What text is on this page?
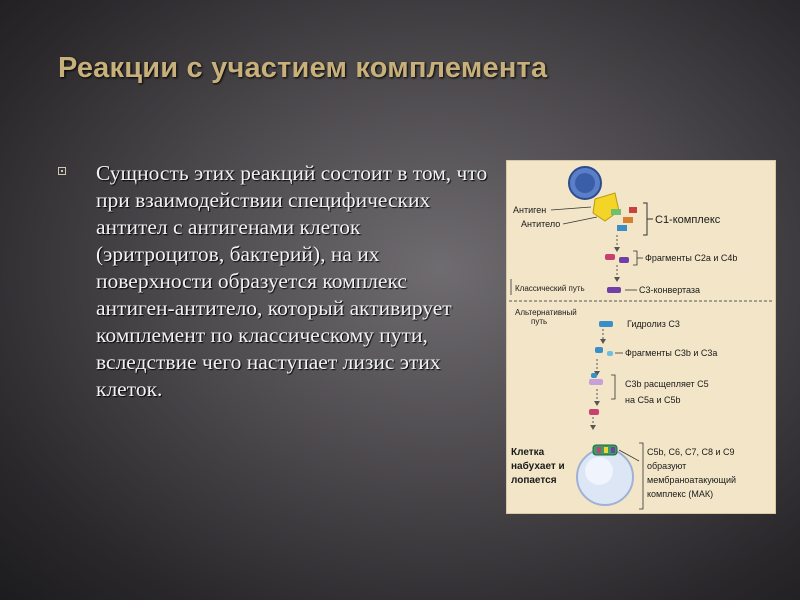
Реакции с участием комплемента
Сущность этих реакций состоит в том, что при взаимодействии специфических антител с антигенами клеток (эритроцитов, бактерий), на их поверхности образуется комплекс антиген-антитело, который активирует комплемент по классическому пути, вследствие чего наступает лизис этих клеток.
Антиген
Антитело	С1-комплекс
Фрагменты С2а и С4b
Классический путь	С3-конвертаза
Альтернативный
путь	Гидролиз С3
Фрагменты С3b и С3а
С3b расщепляет С5
на С5а и С5b
Клетка
набухает и
лопается
С5b, С6, С7, С8 и С9
образуют
мембраноатакующий
комплекс (МАК)
